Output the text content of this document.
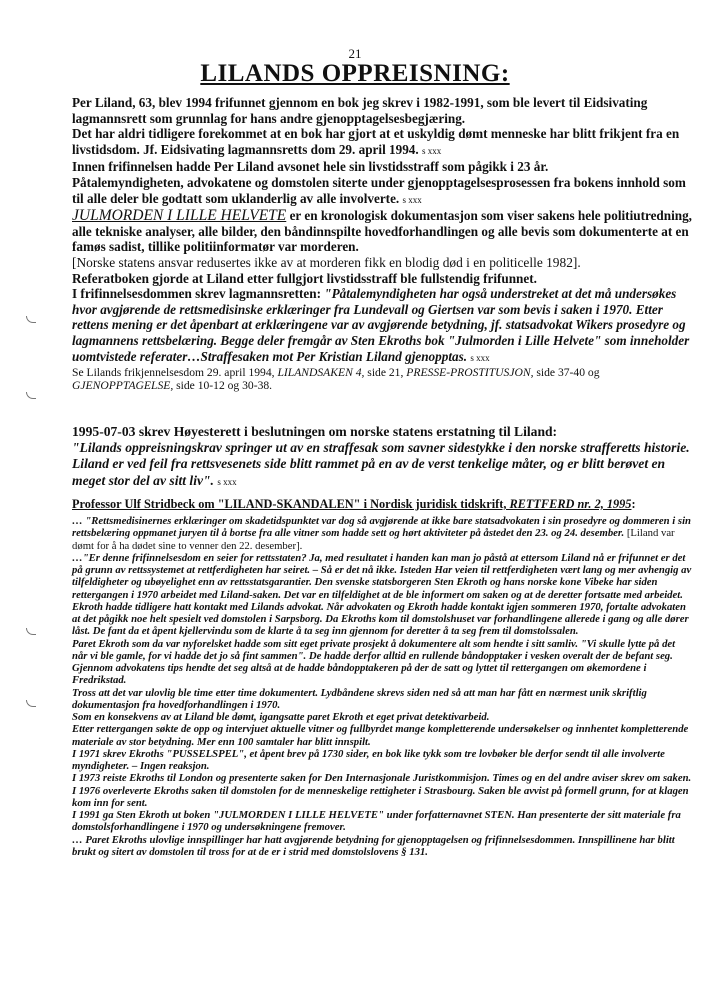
21
LILANDS OPPREISNING:

Per Liland, 63, blev 1994 frifunnet gjennom en bok jeg skrev i 1982-1991, som ble levert til Eidsivating lagmannsrett som grunnlag for hans andre gjenopptagelsesbegjæring.

Det har aldri tidligere forekommet at en bok har gjort at et uskyldig dømt menneske har blitt frikjent fra en livstidsdom. Jf. Eidsivating lagmannsretts dom 29. april 1994. s xxx

Innen frifinnelsen hadde Per Liland avsonet hele sin livstidsstraff som pågikk i 23 år.

Påtalemyndigheten, advokatene og domstolen siterte under gjenopptagelsesprosessen fra bokens innhold som til alle deler ble godtatt som uklanderlig av alle involverte. s xxx

JULMORDEN I LILLE HELVETE er en kronologisk dokumentasjon som viser sakens hele politiutredning, alle tekniske analyser, alle bilder, den båndinnspilte hovedforhandlingen og alle bevis som dokumenterte at en famøs sadist, tillike politiinformatør var morderen.

[Norske statens ansvar redusertes ikke av at morderen fikk en blodig død i en politicelle 1982].

Referatboken gjorde at Liland etter fullgjort livstidsstraff ble fullstendig frifunnet.

I frifinnelsesdommen skrev lagmannsretten: "Påtalemyndigheten har også understreket at det må undersøkes hvor avgjørende de rettsmedisinske erklæringer fra Lundevall og Giertsen var som bevis i saken i 1970. Etter rettens mening er det åpenbart at erklæringene var av avgjørende betydning, jf. statsadvokat Wikers prosedyre og lagmannens rettsbelæring. Begge deler fremgår av Sten Ekroths bok "Julmorden i Lille Helvete" som inneholder uomtvistede referater…Straffesaken mot Per Kristian Liland gjenopptas. s xxx

Se Lilands frikjennelsesdom 29. april 1994, LILANDSAKEN 4, side 21, PRESSE-PROSTITUSJON, side 37-40 og GJENOPPTAGELSE, side 10-12 og 30-38.

1995-07-03 skrev Høyesterett i beslutningen om norske statens erstatning til Liland:

"Lilands oppreisningskrav springer ut av en straffesak som savner sidestykke i den norske strafferetts historie. Liland er ved feil fra rettsvesenets side blitt rammet på en av de verst tenkelige måter, og er blitt berøvet en meget stor del av sitt liv". s xxx

Professor Ulf Stridbeck om "LILAND-SKANDALEN" i Nordisk juridisk tidskrift, RETTFERD nr. 2, 1995:

… "Rettsmedisinernes erklæringer om skadetidspunktet var dog så avgjørende at ikke bare statsadvokaten i sin prosedyre og dommeren i sin rettsbelæring oppmanet juryen til å bortse fra alle vitner som hadde sett og hørt aktiviteter på åstedet den 23. og 24. desember. [Liland var dømt for å ha dødet sine to venner den 22. desember].

…"Er denne frifinnelsesdom en seier for rettsstaten? Ja, med resultatet i handen kan man jo påstå at ettersom Liland nå er frifunnet er det på grunn av rettssystemet at rettferdigheten har seiret. – Så er det nå ikke. Isteden Har veien til rettferdigheten vært lang og mer avhengig av tilfeldigheter og ubøyelighet enn av rettsstatsgarantier. Den svenske statsborgeren Sten Ekroth og hans norske kone Vibeke har siden rettergangen i 1970 arbeidet med Liland-saken. Det var en tilfeldighet at de ble informert om saken og at de deretter fortsatte med arbeidet. Ekroth hadde tidligere hatt kontakt med Lilands advokat. Når advokaten og Ekroth hadde kontakt igjen sommeren 1970, fortalte advokaten at det pågikk noe helt spesielt ved domstolen i Sarpsborg. Da Ekroths kom til domstolshuset var forhandlingene allerede i gang og alle dører låst. De fant da et åpent kjellervindu som de klarte å ta seg inn gjennom for deretter å ta seg frem til domstolssalen.

Paret Ekroth som da var nyforelsket hadde som sitt eget private prosjekt å dokumentere alt som hendte i sitt samliv. "Vi skulle lytte på det når vi ble gamle, for vi hadde det jo så fint sammen". De hadde derfor alltid en rullende båndopptaker i vesken overalt der de befant seg. Gjennom advokatens tips hendte det seg altså at de hadde båndopptakeren på der de satt og lyttet til rettergangen om økemordene i Fredrikstad.

Tross att det var ulovlig ble time etter time dokumentert. Lydbåndene skrevs siden ned så att man har fått en nærmest unik skriftlig dokumentasjon fra hovedforhandlingen i 1970.

Som en konsekvens av at Liland ble dømt, igangsatte paret Ekroth et eget privat detektivarbeid.

Etter rettergangen søkte de opp og intervjuet aktuelle vitner og fullbyrdet mange kompletterende undersøkelser og innhentet kompletterende materiale av stor betydning. Mer enn 100 samtaler har blitt innspilt.

I 1971 skrev Ekroths "PUSSELSPEL", et åpent brev på 1730 sider, en bok like tykk som tre lovbøker ble derfor sendt til alle involverte myndigheter. – Ingen reaksjon.

I 1973 reiste Ekroths til London og presenterte saken for Den Internasjonale Juristkommisjon. Times og en del andre aviser skrev om saken.

I 1976 overleverte Ekroths saken til domstolen for de menneskelige rettigheter i Strasbourg. Saken ble avvist på formell grunn, for at klagen kom inn for sent.

I 1991 ga Sten Ekroth ut boken "JULMORDEN I LILLE HELVETE" under forfatternavnet STEN. Han presenterte der sitt materiale fra domstolsforhandlingene i 1970 og undersøkningene fremover.

… Paret Ekroths ulovlige innspillinger har hatt avgjørende betydning for gjenopptagelsen og frifinnelsesdommen. Innspillinene har blitt brukt og sitert av domstolen til tross for at de er i strid med domstolslovens § 131.
